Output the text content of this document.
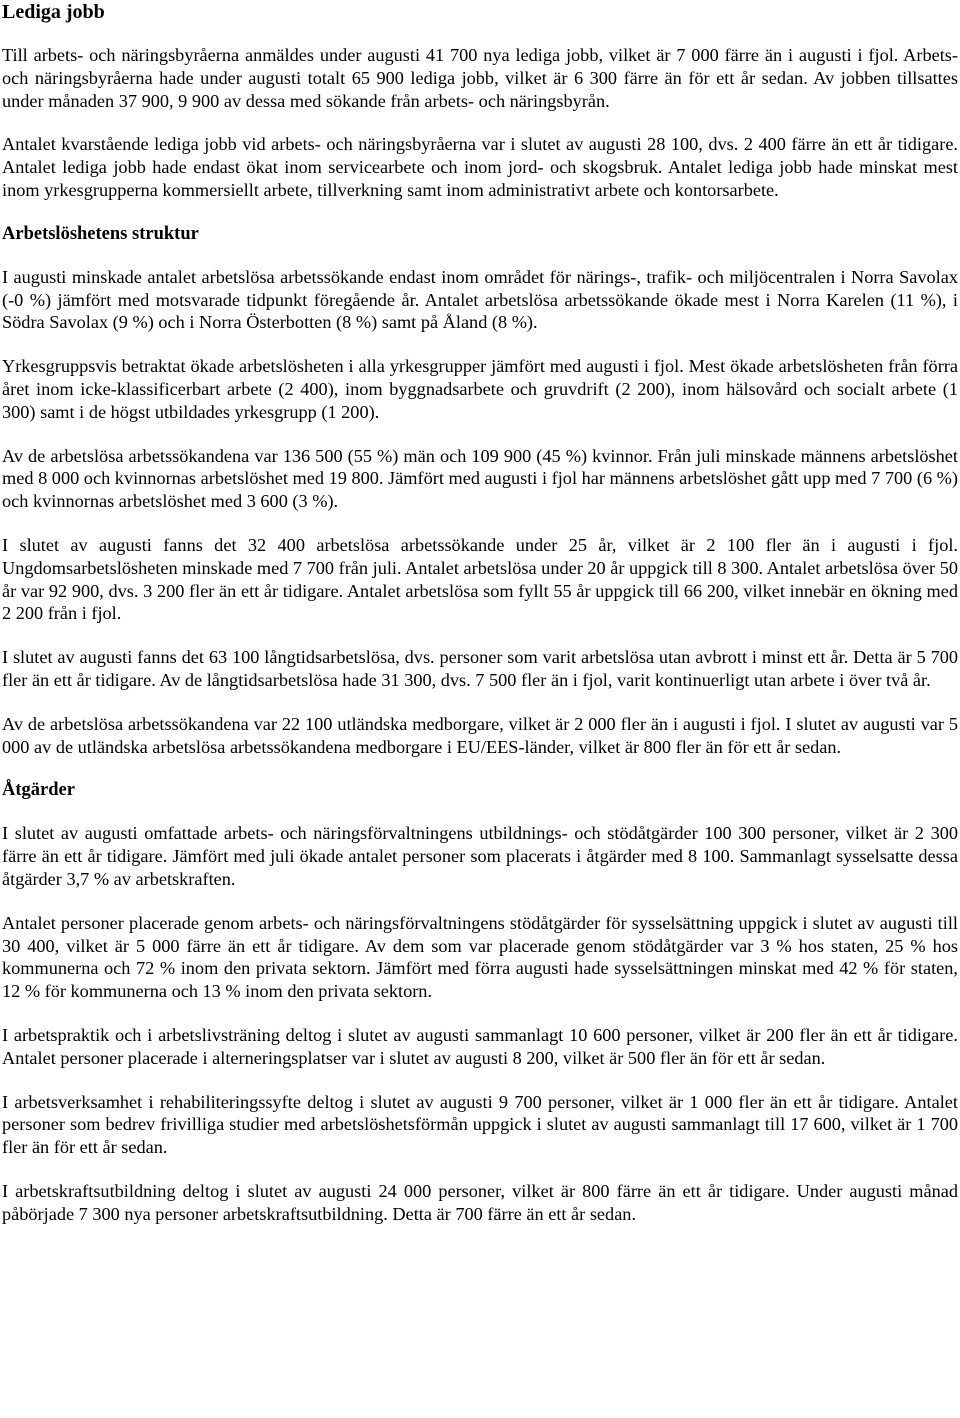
Lediga jobb

Till arbets- och näringsbyråerna anmäldes under augusti 41 700 nya lediga jobb, vilket är 7 000 färre än i augusti i fjol. Arbets- och näringsbyråerna hade under augusti totalt 65 900 lediga jobb, vilket är 6 300 färre än för ett år sedan. Av jobben tillsattes under månaden 37 900, 9 900 av dessa med sökande från arbets- och näringsbyrån.

Antalet kvarstående lediga jobb vid arbets- och näringsbyråerna var i slutet av augusti 28 100, dvs. 2 400 färre än ett år tidigare. Antalet lediga jobb hade endast ökat inom servicearbete och inom jord- och skogsbruk. Antalet lediga jobb hade minskat mest inom yrkesgrupperna kommersiellt arbete, tillverkning samt inom administrativt arbete och kontorsarbete.

Arbetslöshetens struktur

I augusti minskade antalet arbetslösa arbetssökande endast inom området för närings-, trafik- och miljöcentralen i Norra Savolax (-0 %) jämfört med motsvarade tidpunkt föregående år. Antalet arbetslösa arbetssökande ökade mest i Norra Karelen (11 %), i Södra Savolax (9 %) och i Norra Österbotten (8 %) samt på Åland (8 %).

Yrkesgruppsvis betraktat ökade arbetslösheten i alla yrkesgrupper jämfört med augusti i fjol. Mest ökade arbetslösheten från förra året inom icke-klassificerbart arbete (2 400), inom byggnadsarbete och gruvdrift (2 200), inom hälsovård och socialt arbete (1 300) samt i de högst utbildades yrkesgrupp (1 200).

Av de arbetslösa arbetssökandena var 136 500 (55 %) män och 109 900 (45 %) kvinnor. Från juli minskade männens arbetslöshet med 8 000 och kvinnornas arbetslöshet med 19 800. Jämfört med augusti i fjol har männens arbetslöshet gått upp med 7 700 (6 %) och kvinnornas arbetslöshet med 3 600 (3 %).

I slutet av augusti fanns det 32 400 arbetslösa arbetssökande under 25 år, vilket är 2 100 fler än i augusti i fjol. Ungdomsarbetslösheten minskade med 7 700 från juli. Antalet arbetslösa under 20 år uppgick till 8 300. Antalet arbetslösa över 50 år var 92 900, dvs. 3 200 fler än ett år tidigare. Antalet arbetslösa som fyllt 55 år uppgick till 66 200, vilket innebär en ökning med 2 200 från i fjol.

I slutet av augusti fanns det 63 100 långtidsarbetslösa, dvs. personer som varit arbetslösa utan avbrott i minst ett år. Detta är 5 700 fler än ett år tidigare. Av de långtidsarbetslösa hade 31 300, dvs. 7 500 fler än i fjol, varit kontinuerligt utan arbete i över två år.

Av de arbetslösa arbetssökandena var 22 100 utländska medborgare, vilket är 2 000 fler än i augusti i fjol. I slutet av augusti var 5 000 av de utländska arbetslösa arbetssökandena medborgare i EU/EES-länder, vilket är 800 fler än för ett år sedan.

Åtgärder

I slutet av augusti omfattade arbets- och näringsförvaltningens utbildnings- och stödåtgärder 100 300 personer, vilket är 2 300 färre än ett år tidigare. Jämfört med juli ökade antalet personer som placerats i åtgärder med 8 100. Sammanlagt sysselsatte dessa åtgärder 3,7 % av arbetskraften.

Antalet personer placerade genom arbets- och näringsförvaltningens stödåtgärder för sysselsättning uppgick i slutet av augusti till 30 400, vilket är 5 000 färre än ett år tidigare. Av dem som var placerade genom stödåtgärder var 3 % hos staten, 25 % hos kommunerna och 72 % inom den privata sektorn. Jämfört med förra augusti hade sysselsättningen minskat med 42 % för staten, 12 % för kommunerna och 13 % inom den privata sektorn.

I arbetspraktik och i arbetslivsträning deltog i slutet av augusti sammanlagt 10 600 personer, vilket är 200 fler än ett år tidigare. Antalet personer placerade i alterneringsplatser var i slutet av augusti 8 200, vilket är 500 fler än för ett år sedan.

I arbetsverksamhet i rehabiliteringssyfte deltog i slutet av augusti 9 700 personer, vilket är 1 000 fler än ett år tidigare. Antalet personer som bedrev frivilliga studier med arbetslöshetsförmån uppgick i slutet av augusti sammanlagt till 17 600, vilket är 1 700 fler än för ett år sedan.

I arbetskraftsutbildning deltog i slutet av augusti 24 000 personer, vilket är 800 färre än ett år tidigare. Under augusti månad påbörjade 7 300 nya personer arbetskraftsutbildning. Detta är 700 färre än ett år sedan.
